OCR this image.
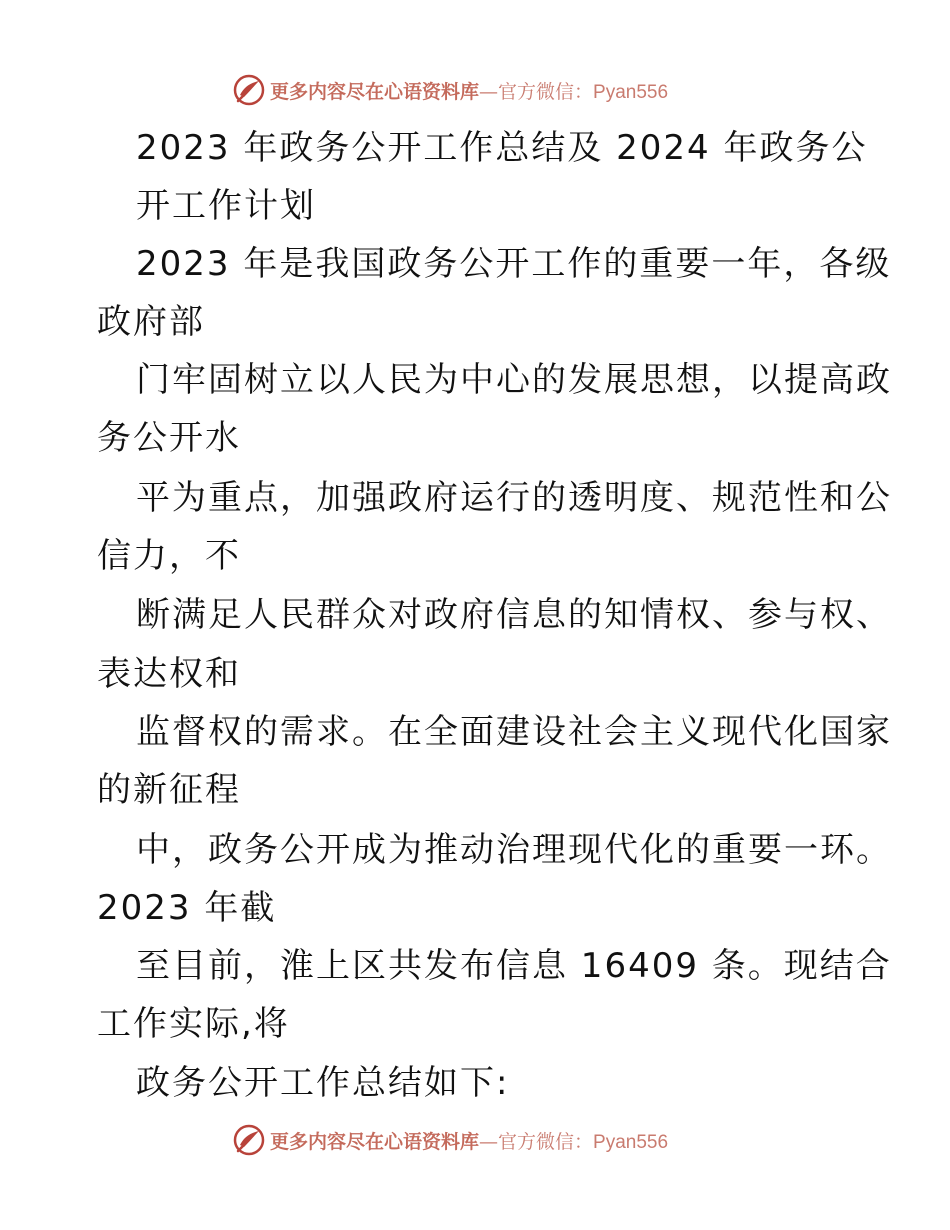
更多内容尽在心语资料库—官方微信：Pyan556
2023 年政务公开工作总结及 2024 年政务公
开工作计划
2023 年是我国政务公开工作的重要一年，各级
政府部
门牢固树立以人民为中心的发展思想，以提高政
务公开水
平为重点，加强政府运行的透明度、规范性和公
信力，不
断满足人民群众对政府信息的知情权、参与权、
表达权和
监督权的需求。在全面建设社会主义现代化国家
的新征程
中，政务公开成为推动治理现代化的重要一环。
2023 年截
至目前，淮上区共发布信息 16409 条。现结合
工作实际,将
政务公开工作总结如下:
更多内容尽在心语资料库—官方微信：Pyan556
